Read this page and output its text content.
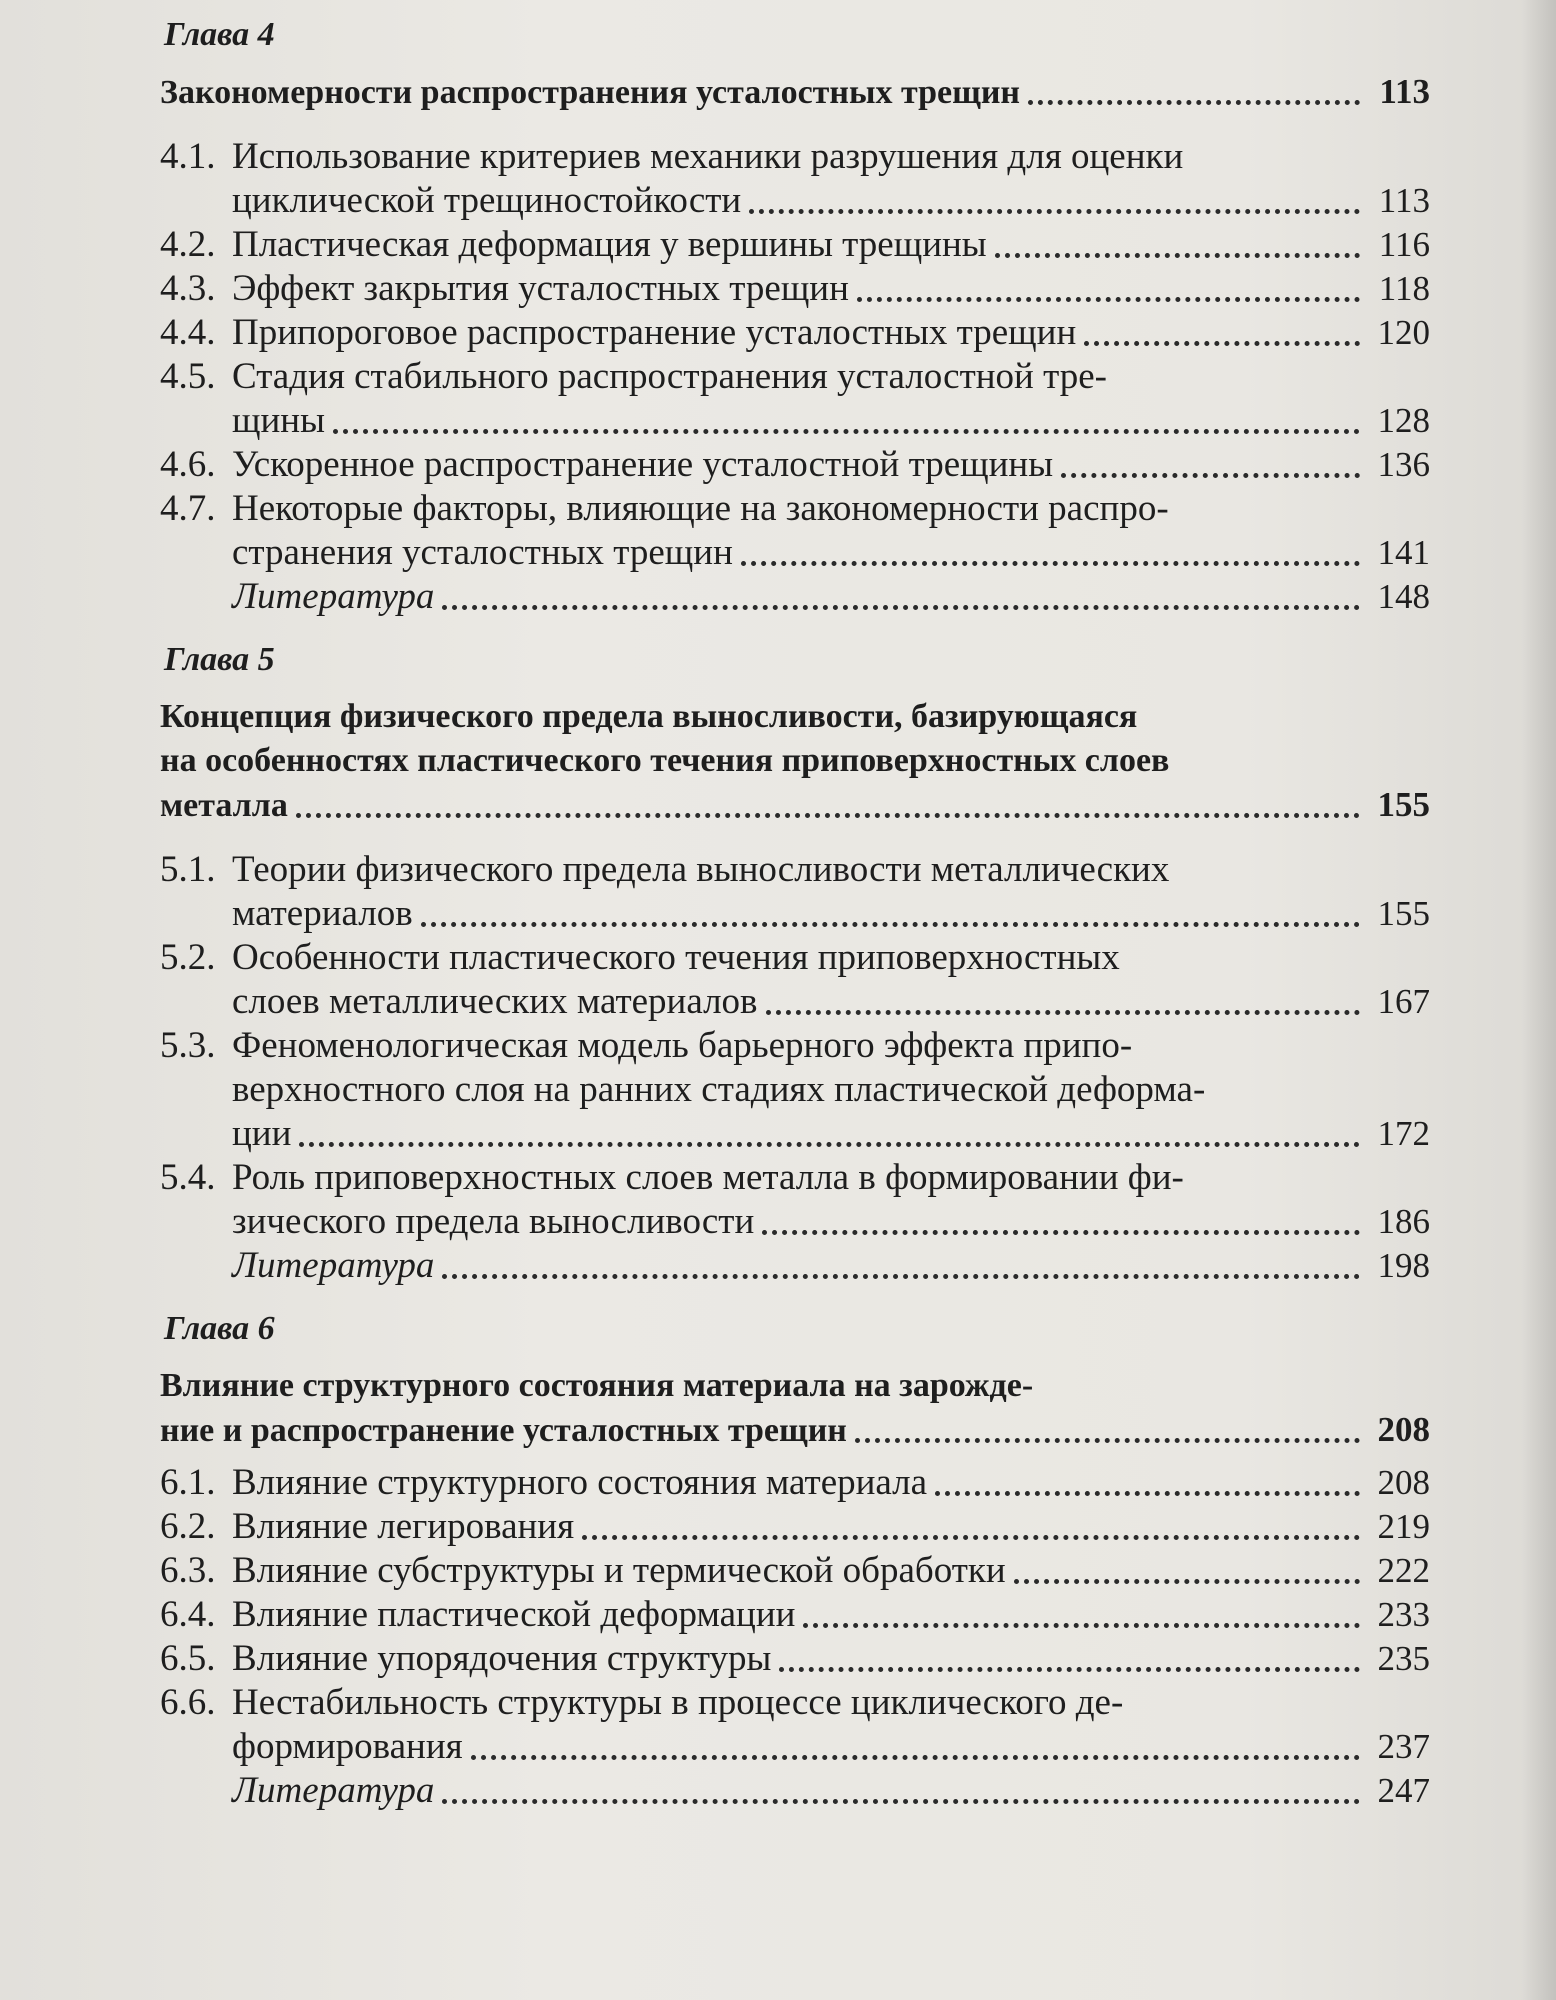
Глава 4
Закономерности распространения усталостных трещин	113
4.1. Использование критериев механики разрушения для оценки
циклической трещиностойкости	113
4.2. Пластическая деформация у вершины трещины	116
4.3. Эффект закрытия усталостных трещин	118
4.4. Припороговое распространение усталостных трещин	120
4.5. Стадия стабильного распространения усталостной тре-
щины	128
4.6. Ускоренное распространение усталостной трещины	136
4.7. Некоторые факторы, влияющие на закономерности распро-
странения усталостных трещин	141
Литература	148
Глава 5
Концепция физического предела выносливости, базирующаяся
на особенностях пластического течения приповерхностных слоев
металла	155
5.1. Теории физического предела выносливости металлических
материалов	155
5.2. Особенности пластического течения приповерхностных
слоев металлических материалов	167
5.3. Феноменологическая модель барьерного эффекта припо-
верхностного слоя на ранних стадиях пластической деформа-
ции	172
5.4. Роль приповерхностных слоев металла в формировании фи-
зического предела выносливости	186
Литература	198
Глава 6
Влияние структурного состояния материала на зарожде-
ние и распространение усталостных трещин	208
6.1. Влияние структурного состояния материала	208
6.2. Влияние легирования	219
6.3. Влияние субструктуры и термической обработки	222
6.4. Влияние пластической деформации	233
6.5. Влияние упорядочения структуры	235
6.6. Нестабильность структуры в процессе циклического де-
формирования	237
Литература	247
